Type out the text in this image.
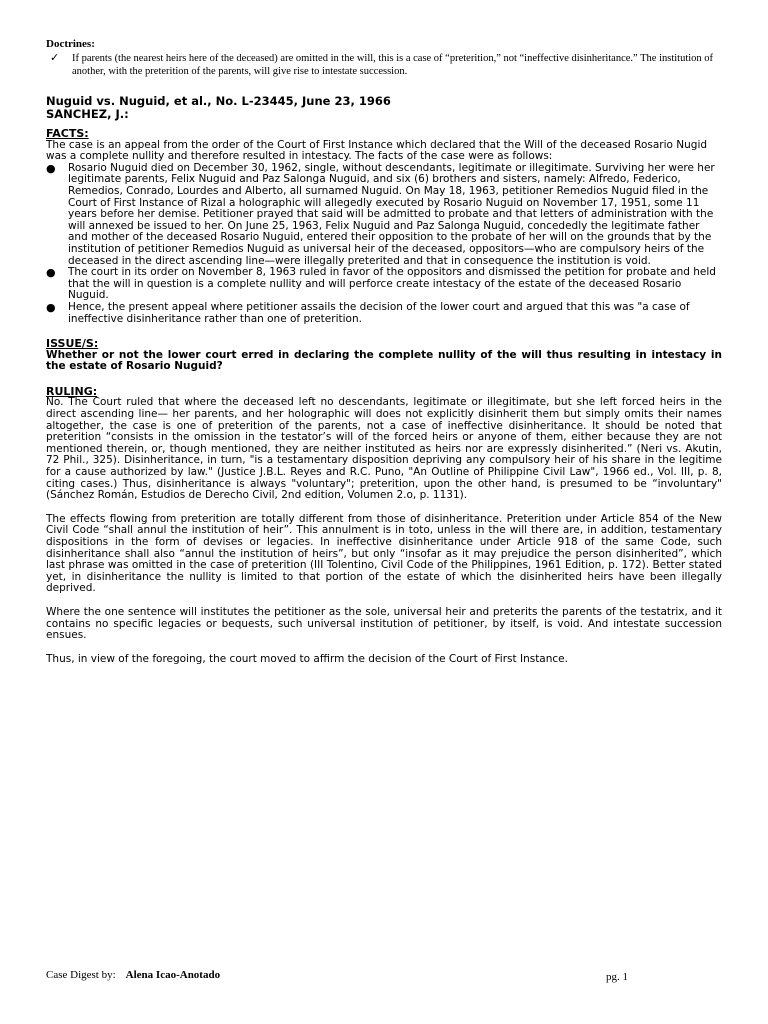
Doctrines:
✓ If parents (the nearest heirs here of the deceased) are omitted in the will, this is a case of “preterition,” not “ineffective disinheritance.” The institution of another, with the preterition of the parents, will give rise to intestate succession.

Nuguid vs. Nuguid, et al., No. L-23445, June 23, 1966
SANCHEZ, J.:

FACTS:

The case is an appeal from the order of the Court of First Instance which declared that the Will of the deceased Rosario Nugid was a complete nullity and therefore resulted in intestacy. The facts of the case were as follows:

● Rosario Nuguid died on December 30, 1962, single, without descendants, legitimate or illegitimate. Surviving her were her legitimate parents, Felix Nuguid and Paz Salonga Nuguid, and six (6) brothers and sisters, namely: Alfredo, Federico, Remedios, Conrado, Lourdes and Alberto, all surnamed Nuguid. On May 18, 1963, petitioner Remedios Nuguid filed in the Court of First Instance of Rizal a holographic will allegedly executed by Rosario Nuguid on November 17, 1951, some 11 years before her demise. Petitioner prayed that said will be admitted to probate and that letters of administration with the will annexed be issued to her. On June 25, 1963, Felix Nuguid and Paz Salonga Nuguid, concededly the legitimate father and mother of the deceased Rosario Nuguid, entered their opposition to the probate of her will on the grounds that by the institution of petitioner Remedios Nuguid as universal heir of the deceased, oppositors—who are compulsory heirs of the deceased in the direct ascending line—were illegally preterited and that in consequence the institution is void.
● The court in its order on November 8, 1963 ruled in favor of the oppositors and dismissed the petition for probate and held that the will in question is a complete nullity and will perforce create intestacy of the estate of the deceased Rosario Nuguid.
● Hence, the present appeal where petitioner assails the decision of the lower court and argued that this was "a case of ineffective disinheritance rather than one of preterition.

ISSUE/S:

Whether or not the lower court erred in declaring the complete nullity of the will thus resulting in intestacy in the estate of Rosario Nuguid?

RULING:

No. The Court ruled that where the deceased left no descendants, legitimate or illegitimate, but she left forced heirs in the direct ascending line— her parents, and her holographic will does not explicitly disinherit them but simply omits their names altogether, the case is one of preterition of the parents, not a case of ineffective disinheritance. It should be noted that preterition “consists in the omission in the testator’s will of the forced heirs or anyone of them, either because they are not mentioned therein, or, though mentioned, they are neither instituted as heirs nor are expressly disinherited.” (Neri vs. Akutin, 72 Phil., 325). Disinheritance, in turn, "is a testamentary disposition depriving any compulsory heir of his share in the legitime for a cause authorized by law." (Justice J.B.L. Reyes and R.C. Puno, "An Outline of Philippine Civil Law", 1966 ed., Vol. III, p. 8, citing cases.) Thus, disinheritance is always "voluntary"; preterition, upon the other hand, is presumed to be “involuntary" (Sánchez Román, Estudios de Derecho Civil, 2nd edition, Volumen 2.o, p. 1131).

The effects flowing from preterition are totally different from those of disinheritance. Preterition under Article 854 of the New Civil Code “shall annul the institution of heir”. This annulment is in toto, unless in the will there are, in addition, testamentary dispositions in the form of devises or legacies. In ineffective disinheritance under Article 918 of the same Code, such disinheritance shall also “annul the institution of heirs”, but only “insofar as it may prejudice the person disinherited”, which last phrase was omitted in the case of preterition (III Tolentino, Civil Code of the Philippines, 1961 Edition, p. 172). Better stated yet, in disinheritance the nullity is limited to that portion of the estate of which the disinherited heirs have been illegally deprived.

Where the one sentence will institutes the petitioner as the sole, universal heir and preterits the parents of the testatrix, and it contains no specific legacies or bequests, such universal institution of petitioner, by itself, is void. And intestate succession ensues.

Thus, in view of the foregoing, the court moved to affirm the decision of the Court of First Instance.

Case Digest by: Alena Icao-Anotado	pg. 1
